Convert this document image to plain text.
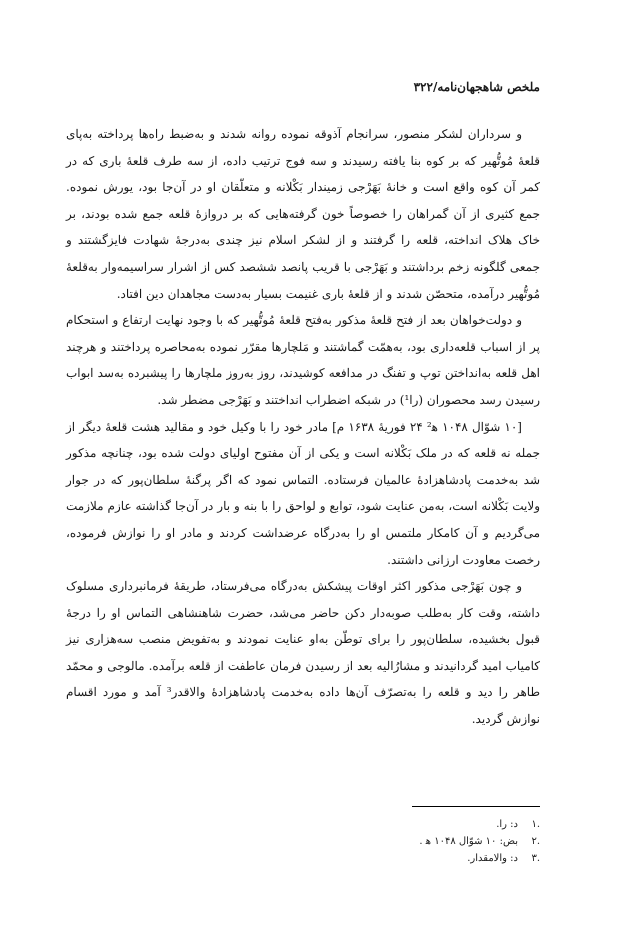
ملخص شاهجهان‌نامه/۳۲۲

و سرداران لشکر منصور، سرانجام آذوقه نموده روانه شدند و به‌ضبط راه‌ها پرداخته به‌پای قلعهٔ مُوتُّهیر که بر کوه بنا یافته رسیدند و سه فوج ترتیب داده، از سه طرف قلعهٔ باری که در کمر آن کوه واقع است و خانهٔ بَهَرْجی زمیندار بَکْلانه و متعلّقان او در آن‌جا بود، یورش نموده. جمع کثیری از آن گمراهان را خصوصاً خون گرفته‌هایی که بر دروازهٔ قلعه جمع شده بودند، بر خاک هلاک انداخته، قلعه را گرفتند و از لشکر اسلام نیز چندی به‌درجهٔ شهادت فایزگشتند و جمعی گلگونه زخم برداشتند و بَهَرْجی با قریب پانصد ششصد کس از اشرار سراسیمه‌وار به‌قلعهٔ مُوتُّهیر درآمده، متحصّن شدند و از قلعهٔ باری غنیمت بسیار به‌دست مجاهدان دین افتاد.

و دولت‌خواهان بعد از فتح قلعهٔ مذکور به‌فتح قلعهٔ مُوتُّهیر که با وجود نهایت ارتفاع و استحکام پر از اسباب قلعه‌داری بود، به‌همّت گماشتند و مَلچارها مقرّر نموده به‌محاصره پرداختند و هرچند اهل قلعه به‌انداختن توپ و تفنگ در مدافعه کوشیدند، روز به‌روز ملچارها را پیشبرده به‌سد ابواب رسیدن رسد محصوران (را¹) در شبکه اضطراب انداختند و بَهَرْجی مضطر شد.

[۱۰ شوّال ۱۰۴۸ ه‍‌² ۲۴ فوریهٔ ۱۶۳۸ م] مادر خود را با وکیل خود و مقالید هشت قلعهٔ دیگر از جمله نه قلعه که در ملک بَکْلانه است و یکی از آن مفتوح اولیای دولت شده بود، چنانچه مذکور شد به‌خدمت پادشاهزادهٔ عالمیان فرستاده. التماس نمود که اگر پرگنهٔ سلطان‌پور که در جوار ولایت بَکْلانه است، به‌من عنایت شود، توابع و لواحق را با بنه و بار در آن‌جا گذاشته عازم ملازمت می‌گردیم و آن کامکار ملتمس او را به‌درگاه عرضداشت کردند و مادر او را نوازش فرموده، رخصت معاودت ارزانی داشتند.

و چون بَهَرْجی مذکور اکثر اوقات پیشکش به‌درگاه می‌فرستاد، طریقهٔ فرمانبرداری مسلوک داشته، وقت کار به‌طلب صوبه‌دار دکن حاضر می‌شد، حضرت شاهنشاهی التماس او را درجهٔ قبول بخشیده، سلطان‌پور را برای توطّن به‌او عنایت نمودند و به‌تفویض منصب سه‌هزاری نیز کامیاب امید گردانیدند و مشارُالیه بعد از رسیدن فرمان عاطفت از قلعه برآمده. مالوجی و محمّد طاهر را دید و قلعه را به‌تصرّف آن‌ها داده به‌خدمت پادشاهزادهٔ والاقدر³ آمد و مورد اقسام نوازش گردید.

.۱
د: را.
.۲
بض: ۱۰ شوّال ۱۰۴۸ ه‍ .
.۳
د: والامقدار.
